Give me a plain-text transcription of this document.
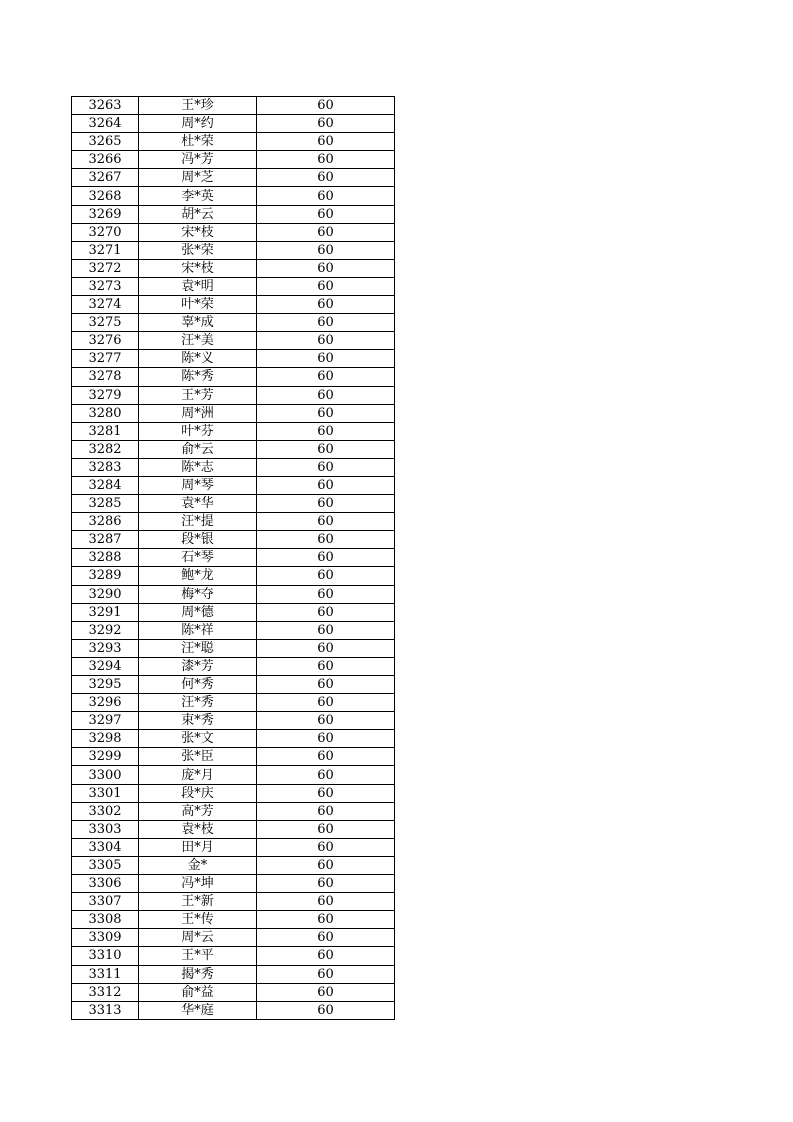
3263	王*珍	60
3264	周*约	60
3265	杜*荣	60
3266	冯*芳	60
3267	周*芝	60
3268	李*英	60
3269	胡*云	60
3270	宋*枝	60
3271	张*荣	60
3272	宋*枝	60
3273	袁*明	60
3274	叶*荣	60
3275	辜*成	60
3276	汪*美	60
3277	陈*义	60
3278	陈*秀	60
3279	王*芳	60
3280	周*洲	60
3281	叶*芬	60
3282	俞*云	60
3283	陈*志	60
3284	周*琴	60
3285	袁*华	60
3286	汪*提	60
3287	段*银	60
3288	石*琴	60
3289	鲍*龙	60
3290	梅*夺	60
3291	周*德	60
3292	陈*祥	60
3293	汪*聪	60
3294	漆*芳	60
3295	何*秀	60
3296	汪*秀	60
3297	束*秀	60
3298	张*文	60
3299	张*臣	60
3300	庞*月	60
3301	段*庆	60
3302	高*芳	60
3303	袁*枝	60
3304	田*月	60
3305	金*	60
3306	冯*坤	60
3307	王*新	60
3308	王*传	60
3309	周*云	60
3310	王*平	60
3311	揭*秀	60
3312	俞*益	60
3313	华*庭	60
